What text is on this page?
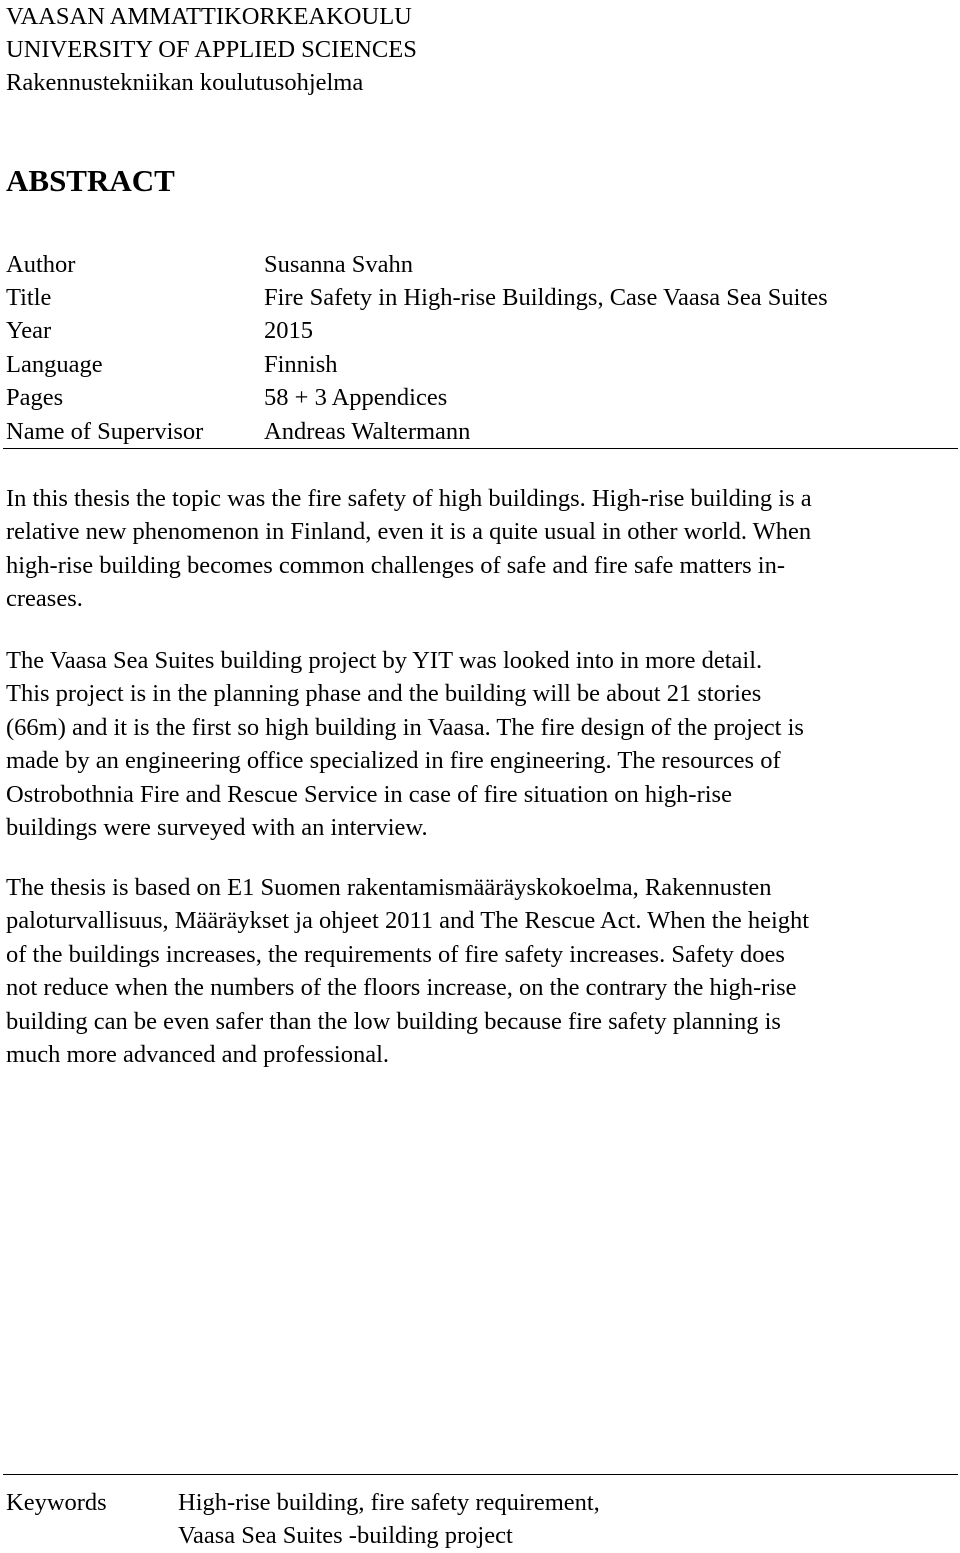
VAASAN AMMATTIKORKEAKOULU
UNIVERSITY OF APPLIED SCIENCES
Rakennustekniikan koulutusohjelma
ABSTRACT
Author	Susanna Svahn
Title	Fire Safety in High-rise Buildings, Case Vaasa Sea Suites
Year	2015
Language	Finnish
Pages	58 + 3 Appendices
Name of Supervisor	Andreas Waltermann

In this thesis the topic was the fire safety of high buildings. High-rise building is a
relative new phenomenon in Finland, even it is a quite usual in other world. When
high-rise building becomes common challenges of safe and fire safe matters in-
creases.

The Vaasa Sea Suites building project by YIT was looked into in more detail.
This project is in the planning phase and the building will be about 21 stories
(66m) and it is the first so high building in Vaasa. The fire design of the project is
made by an engineering office specialized in fire engineering. The resources of
Ostrobothnia Fire and Rescue Service in case of fire situation on high-rise
buildings were surveyed with an interview.

The thesis is based on E1 Suomen rakentamismääräyskokoelma, Rakennusten
paloturvallisuus, Määräykset ja ohjeet 2011 and The Rescue Act. When the height
of the buildings increases, the requirements of fire safety increases. Safety does
not reduce when the numbers of the floors increase, on the contrary the high-rise
building can be even safer than the low building because fire safety planning is
much more advanced and professional.

Keywords	High-rise building, fire safety requirement,
Vaasa Sea Suites -building project
